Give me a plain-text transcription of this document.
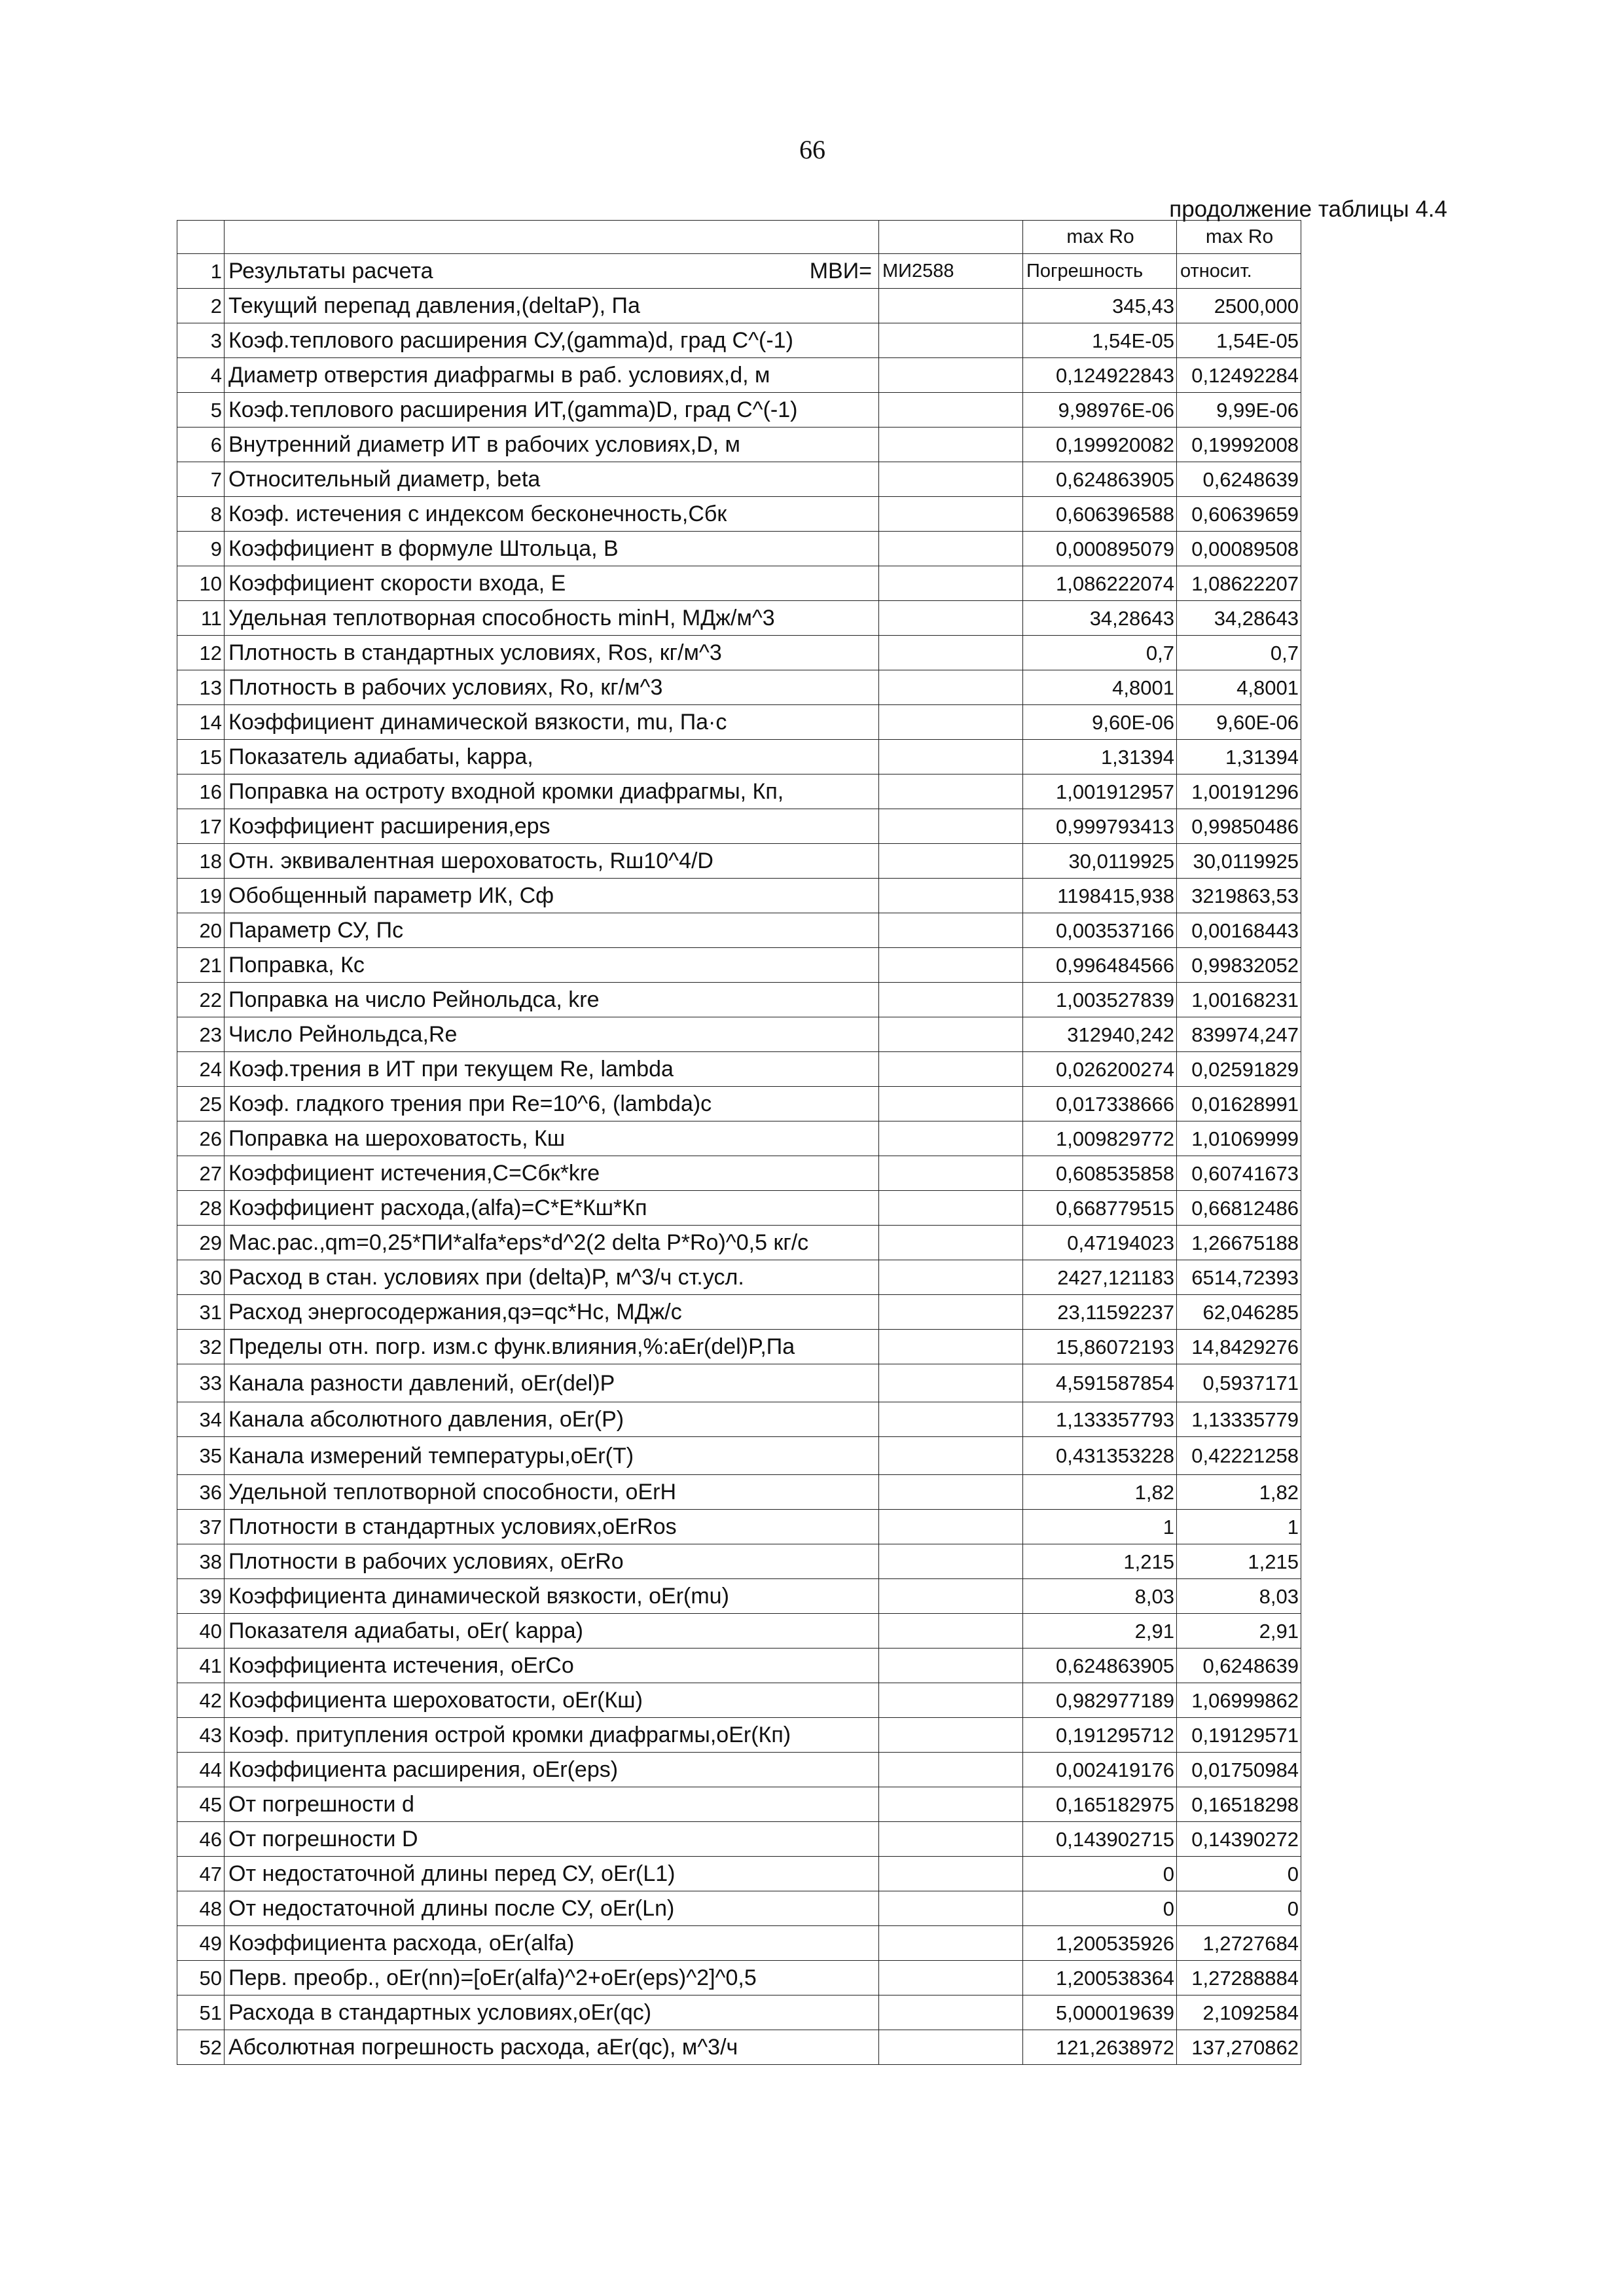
66
продолжение таблицы 4.4
			max Ro	max Ro
1	Результаты расчета МВИ=	МИ2588	Погрешность	относит.
2	Текущий перепад давления,(deltaP), Па		345,43	2500,000
3	Коэф.теплового расширения СУ,(gamma)d, град С^(-1)		1,54E-05	1,54E-05
4	Диаметр отверстия диафрагмы в раб. условиях,d, м		0,124922843	0,12492284
5	Коэф.теплового расширения ИТ,(gamma)D, град С^(-1)		9,98976E-06	9,99E-06
6	Внутренний диаметр ИТ в рабочих условиях,D, м		0,199920082	0,19992008
7	Относительный диаметр, beta		0,624863905	0,6248639
8	Коэф. истечения с индексом бесконечность,Сбк		0,606396588	0,60639659
9	Коэффициент в формуле Штольца, В		0,000895079	0,00089508
10	Коэффициент скорости входа, Е		1,086222074	1,08622207
11	Удельная теплотворная способность minH, МДж/м^3		34,28643	34,28643
12	Плотность в стандартных условиях, Ros, кг/м^3		0,7	0,7
13	Плотность в рабочих условиях, Ro, кг/м^3		4,8001	4,8001
14	Коэффициент динамической вязкости, mu, Па·с		9,60E-06	9,60E-06
15	Показатель адиабаты, kappa,		1,31394	1,31394
16	Поправка на остроту входной кромки диафрагмы, Кп,		1,001912957	1,00191296
17	Коэффициент расширения,eps		0,999793413	0,99850486
18	Отн. эквивалентная шероховатость, Rш10^4/D		30,0119925	30,0119925
19	Обобщенный параметр ИК, Сф		1198415,938	3219863,53
20	Параметр СУ, Пс		0,003537166	0,00168443
21	Поправка, Кс		0,996484566	0,99832052
22	Поправка на число Рейнольдса, kre		1,003527839	1,00168231
23	Число Рейнольдса,Re		312940,242	839974,247
24	Коэф.трения в ИТ при текущем Re, lambda		0,026200274	0,02591829
25	Коэф. гладкого трения при Re=10^6, (lambda)c		0,017338666	0,01628991
26	Поправка на шероховатость, Кш		1,009829772	1,01069999
27	Коэффициент истечения,С=Сбк*kre		0,608535858	0,60741673
28	Коэффициент расхода,(alfa)=С*Е*Кш*Кп		0,668779515	0,66812486
29	Мас.рас.,qm=0,25*ПИ*alfa*eps*d^2(2 delta P*Ro)^0,5 кг/с		0,47194023	1,26675188
30	Расход в стан. условиях при (delta)P, м^3/ч ст.усл.		2427,121183	6514,72393
31	Расход энергосодержания,qэ=qc*Hc, МДж/с		23,11592237	62,046285
32	Пределы отн. погр. изм.с функ.влияния,%:aEr(del)P,Па		15,86072193	14,8429276
33	Канала разности давлений, oEr(del)P		4,591587854	0,5937171
34	Канала абсолютного давления, oEr(P)		1,133357793	1,13335779
35	Канала измерений температуры,oEr(T)		0,431353228	0,42221258
36	Удельной теплотворной способности, oErH		1,82	1,82
37	Плотности в стандартных условиях,oErRos		1	1
38	Плотности в рабочих условиях, oErRo		1,215	1,215
39	Коэффициента динамической вязкости, oEr(mu)		8,03	8,03
40	Показателя адиабаты, oEr( kappa)		2,91	2,91
41	Коэффициента истечения, oErCo		0,624863905	0,6248639
42	Коэффициента шероховатости, oEr(Кш)		0,982977189	1,06999862
43	Коэф. притупления острой кромки диафрагмы,oEr(Кп)		0,191295712	0,19129571
44	Коэффициента расширения, oEr(eps)		0,002419176	0,01750984
45	От погрешности d		0,165182975	0,16518298
46	От погрешности D		0,143902715	0,14390272
47	От недостаточной длины перед СУ, oEr(L1)		0	0
48	От недостаточной длины после СУ, oEr(Ln)		0	0
49	Коэффициента расхода, oEr(alfa)		1,200535926	1,2727684
50	Перв. преобр., oEr(nn)=[oEr(alfa)^2+oEr(eps)^2]^0,5		1,200538364	1,27288884
51	Расхода в стандартных условиях,oEr(qc)		5,000019639	2,1092584
52	Абсолютная погрешность расхода, aEr(qc), м^3/ч		121,2638972	137,270862
